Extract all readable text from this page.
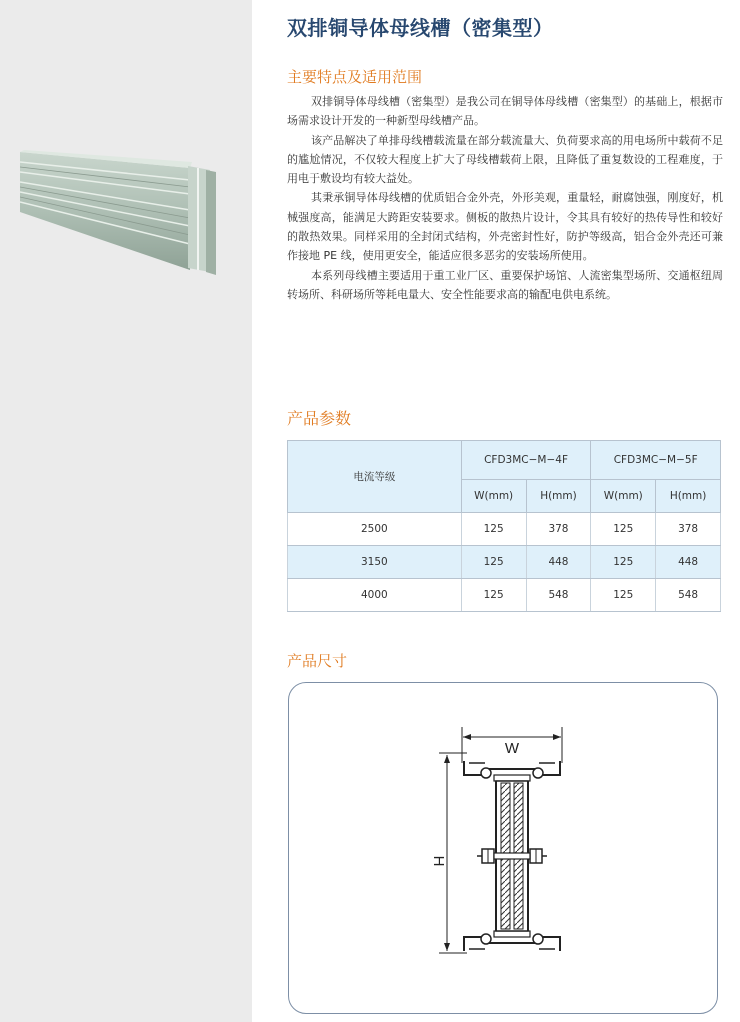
双排铜导体母线槽（密集型）
主要特点及适用范围

双排铜导体母线槽（密集型）是我公司在铜导体母线槽（密集型）的基础上，根据市场需求设计开发的一种新型母线槽产品。

该产品解决了单排母线槽载流量在部分载流量大、负荷要求高的用电场所中载荷不足的尴尬情况，不仅较大程度上扩大了母线槽载荷上限，且降低了重复数设的工程难度，于用电于敷设均有较大益处。

其秉承铜导体母线槽的优质铝合金外壳，外形美观，重量轻，耐腐蚀强，刚度好，机械强度高，能满足大跨距安装要求。侧板的散热片设计，令其具有较好的热传导性和较好的散热效果。同样采用的全封闭式结构，外壳密封性好，防护等级高，铝合金外壳还可兼作接地 PE 线，使用更安全，能适应很多恶劣的安装场所使用。

本系列母线槽主要适用于重工业厂区、重要保护场馆、人流密集型场所、交通枢纽周转场所、科研场所等耗电量大、安全性能要求高的输配电供电系统。

产品参数
电流等级	CFD3MC−M−4F		CFD3MC−M−5F	
	W(mm)	H(mm)	W(mm)	H(mm)
2500	125	378	125	378
3150	125	448	125	448
4000	125	548	125	548
产品尺寸
W
H
